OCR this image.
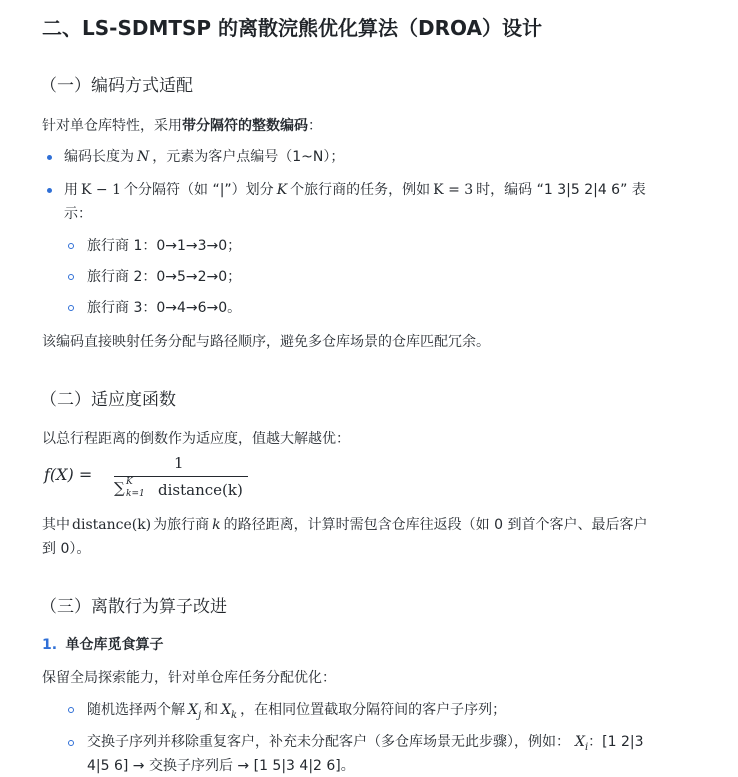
二、LS-SDMTSP 的离散浣熊优化算法（DROA）设计
（一）编码方式适配
针对单仓库特性，采用带分隔符的整数编码：
编码长度为 N ，元素为客户点编号（1~N）；
用 K − 1 个分隔符（如 “|”）划分 K 个旅行商的任务，例如 K = 3 时，编码 “1 3|5 2|4 6” 表
示：
旅行商 1：0→1→3→0；
旅行商 2：0→5→2→0；
旅行商 3：0→4→6→0。
该编码直接映射任务分配与路径顺序，避免多仓库场景的仓库匹配冗余。
（二）适应度函数
以总行程距离的倒数作为适应度，值越大解越优：
f(X) =
1
∑ K
k=1 distance(k)
其中 distance(k) 为旅行商 k 的路径距离，计算时需包含仓库往返段（如 0 到首个客户、最后客户
到 0）。
（三）离散行为算子改进
1. 单仓库觅食算子
保留全局探索能力，针对单仓库任务分配优化：
随机选择两个解 $X_j$ 和 $X_k$ ，在相同位置截取分隔符间的客户子序列；
交换子序列并移除重复客户，补充未分配客户（多仓库场景无此步骤），例如： $X_i$：[1 2|3
4|5 6] → 交换子序列后 → [1 5|3 4|2 6]。
